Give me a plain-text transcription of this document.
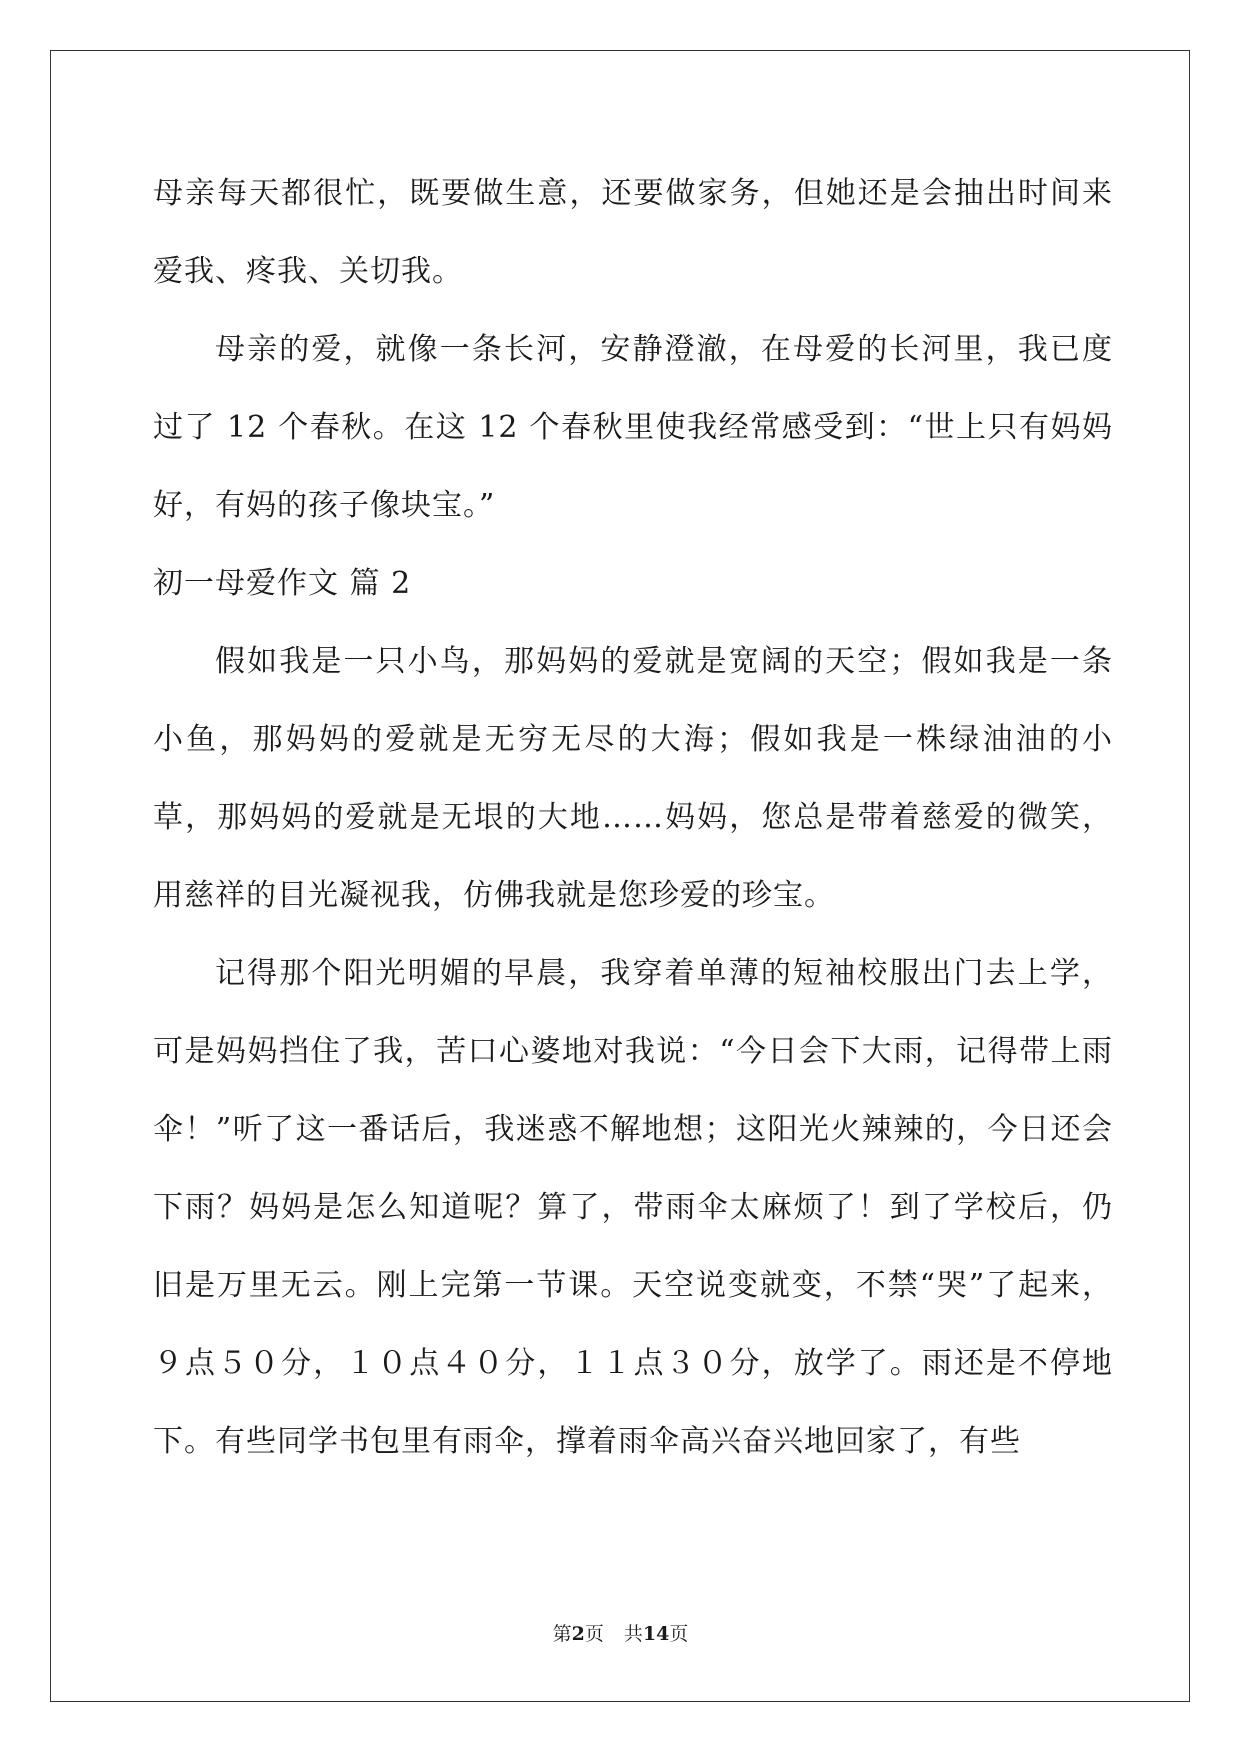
母亲每天都很忙，既要做生意，还要做家务，但她还是会抽出时间来爱我、疼我、关切我。

母亲的爱，就像一条长河，安静澄澈，在母爱的长河里，我已度过了 12 个春秋。在这 12 个春秋里使我经常感受到：“世上只有妈妈好，有妈的孩子像块宝。”

初一母爱作文 篇 2

假如我是一只小鸟，那妈妈的爱就是宽阔的天空；假如我是一条小鱼，那妈妈的爱就是无穷无尽的大海；假如我是一株绿油油的小草，那妈妈的爱就是无垠的大地……妈妈，您总是带着慈爱的微笑，用慈祥的目光凝视我，仿佛我就是您珍爱的珍宝。

记得那个阳光明媚的早晨，我穿着单薄的短袖校服出门去上学，可是妈妈挡住了我，苦口心婆地对我说：“今日会下大雨，记得带上雨伞！”听了这一番话后，我迷惑不解地想；这阳光火辣辣的，今日还会下雨？妈妈是怎么知道呢？算了，带雨伞太麻烦了！到了学校后，仍旧是万里无云。刚上完第一节课。天空说变就变，不禁“哭”了起来，９点５０分，１０点４０分，１１点３０分，放学了。雨还是不停地下。有些同学书包里有雨伞，撑着雨伞高兴奋兴地回家了，有些

第2页 共14页
